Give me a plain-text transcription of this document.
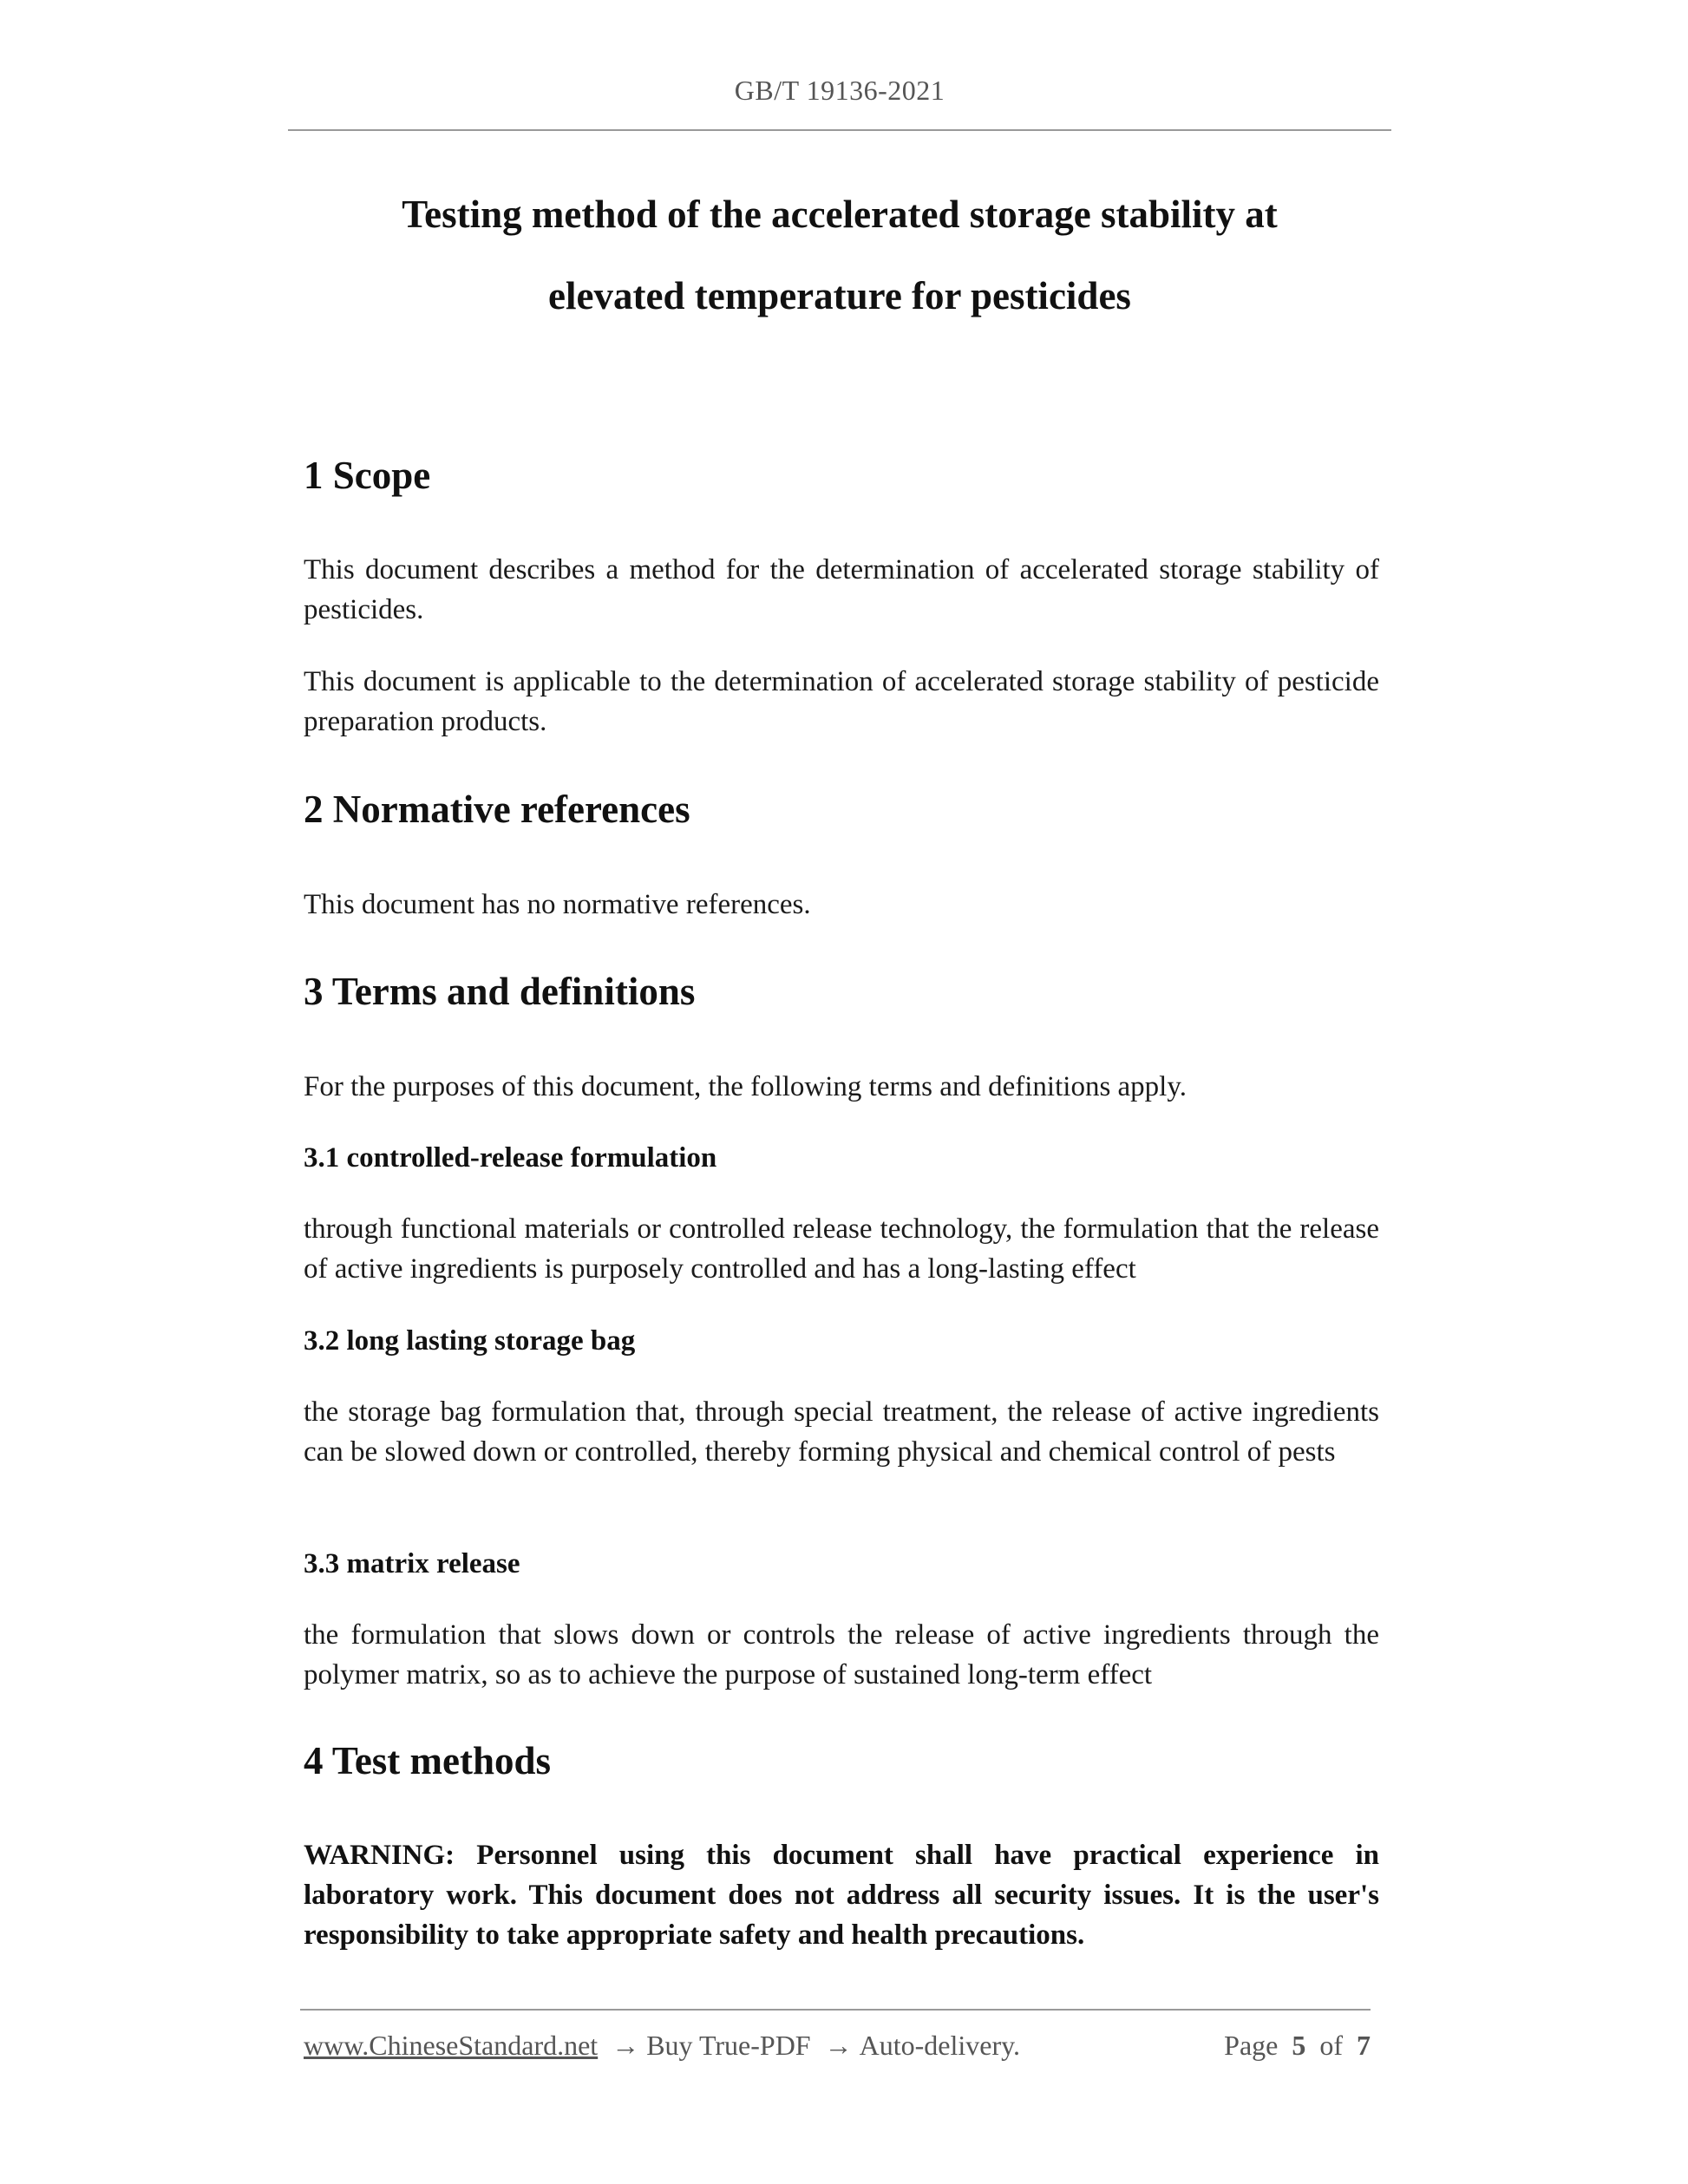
GB/T 19136-2021
Testing method of the accelerated storage stability at
elevated temperature for pesticides
1 Scope
This document describes a method for the determination of accelerated storage stability of pesticides.
This document is applicable to the determination of accelerated storage stability of pesticide preparation products.
2 Normative references
This document has no normative references.
3 Terms and definitions
For the purposes of this document, the following terms and definitions apply.
3.1 controlled-release formulation
through functional materials or controlled release technology, the formulation that the release of active ingredients is purposely controlled and has a long-lasting effect
3.2 long lasting storage bag
the storage bag formulation that, through special treatment, the release of active ingredients can be slowed down or controlled, thereby forming physical and chemical control of pests
3.3 matrix release
the formulation that slows down or controls the release of active ingredients through the polymer matrix, so as to achieve the purpose of sustained long-term effect
4 Test methods
WARNING: Personnel using this document shall have practical experience in laboratory work. This document does not address all security issues. It is the user's responsibility to take appropriate safety and health precautions.
www.ChineseStandard.net → Buy True-PDF → Auto-delivery.	Page 5 of 7
